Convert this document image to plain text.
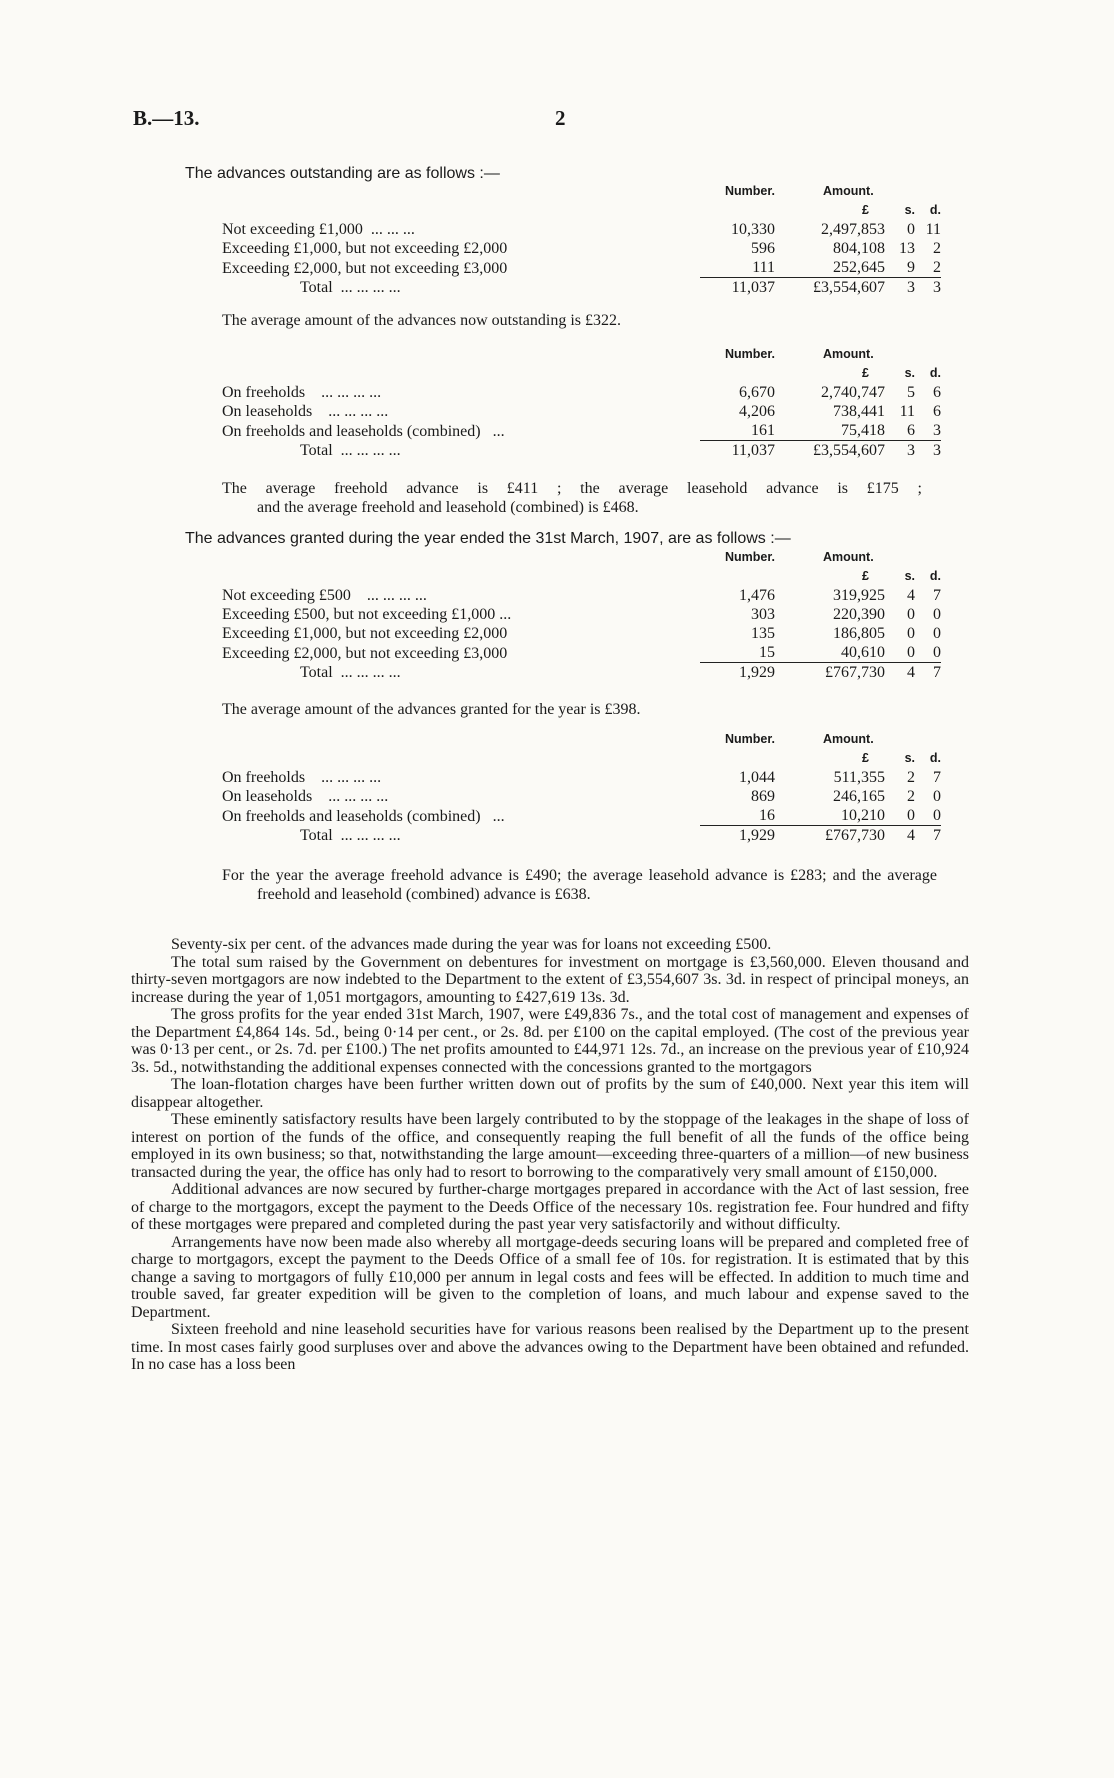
B.—13.	2
The advances outstanding are as follows :—
	Number.		Amount.	
		£	s.	d.
Not exceeding £1,000 ... ... ...	10,330	2,497,853	0	11
Exceeding £1,000, but not exceeding £2,000	596	804,108	13	2
Exceeding £2,000, but not exceeding £3,000	111	252,645	9	2
Total ... ... ... ...	11,037	£3,554,607	3	3
The average amount of the advances now outstanding is £322.
	Number.		Amount.	
		£	s.	d.
On freeholds ... ... ... ...	6,670	2,740,747	5	6
On leaseholds ... ... ... ...	4,206	738,441	11	6
On freeholds and leaseholds (combined) ...	161	75,418	6	3
Total ... ... ... ...	11,037	£3,554,607	3	3
The average freehold advance is £411 ; the average leasehold advance is £175 ;
and the average freehold and leasehold (combined) is £468.
The advances granted during the year ended the 31st March, 1907, are as follows :—
	Number.		Amount.	
		£	s.	d.
Not exceeding £500 ... ... ... ...	1,476	319,925	4	7
Exceeding £500, but not exceeding £1,000 ...	303	220,390	0	0
Exceeding £1,000, but not exceeding £2,000	135	186,805	0	0
Exceeding £2,000, but not exceeding £3,000	15	40,610	0	0
Total ... ... ... ...	1,929	£767,730	4	7
The average amount of the advances granted for the year is £398.
	Number.		Amount.	
		£	s.	d.
On freeholds ... ... ... ...	1,044	511,355	2	7
On leaseholds ... ... ... ...	869	246,165	2	0
On freeholds and leaseholds (combined) ...	16	10,210	0	0
Total ... ... ... ...	1,929	£767,730	4	7
For the year the average freehold advance is £490; the average leasehold advance is £283; and the average freehold and leasehold (combined) advance is £638.

Seventy-six per cent. of the advances made during the year was for loans not exceeding £500.

The total sum raised by the Government on debentures for investment on mortgage is £3,560,000. Eleven thousand and thirty-seven mortgagors are now indebted to the Department to the extent of £3,554,607 3s. 3d. in respect of principal moneys, an increase during the year of 1,051 mortgagors, amounting to £427,619 13s. 3d.

The gross profits for the year ended 31st March, 1907, were £49,836 7s., and the total cost of management and expenses of the Department £4,864 14s. 5d., being 0·14 per cent., or 2s. 8d. per £100 on the capital employed. (The cost of the previous year was 0·13 per cent., or 2s. 7d. per £100.) The net profits amounted to £44,971 12s. 7d., an increase on the previous year of £10,924 3s. 5d., notwithstanding the additional expenses connected with the concessions granted to the mortgagors

The loan-flotation charges have been further written down out of profits by the sum of £40,000. Next year this item will disappear altogether.

These eminently satisfactory results have been largely contributed to by the stoppage of the leakages in the shape of loss of interest on portion of the funds of the office, and consequently reaping the full benefit of all the funds of the office being employed in its own business; so that, notwithstanding the large amount—exceeding three-quarters of a million—of new business transacted during the year, the office has only had to resort to borrowing to the comparatively very small amount of £150,000.

Additional advances are now secured by further-charge mortgages prepared in accordance with the Act of last session, free of charge to the mortgagors, except the payment to the Deeds Office of the necessary 10s. registration fee. Four hundred and fifty of these mortgages were prepared and completed during the past year very satisfactorily and without difficulty.

Arrangements have now been made also whereby all mortgage-deeds securing loans will be prepared and completed free of charge to mortgagors, except the payment to the Deeds Office of a small fee of 10s. for registration. It is estimated that by this change a saving to mortgagors of fully £10,000 per annum in legal costs and fees will be effected. In addition to much time and trouble saved, far greater expedition will be given to the completion of loans, and much labour and expense saved to the Department.

Sixteen freehold and nine leasehold securities have for various reasons been realised by the Department up to the present time. In most cases fairly good surpluses over and above the advances owing to the Department have been obtained and refunded. In no case has a loss been
